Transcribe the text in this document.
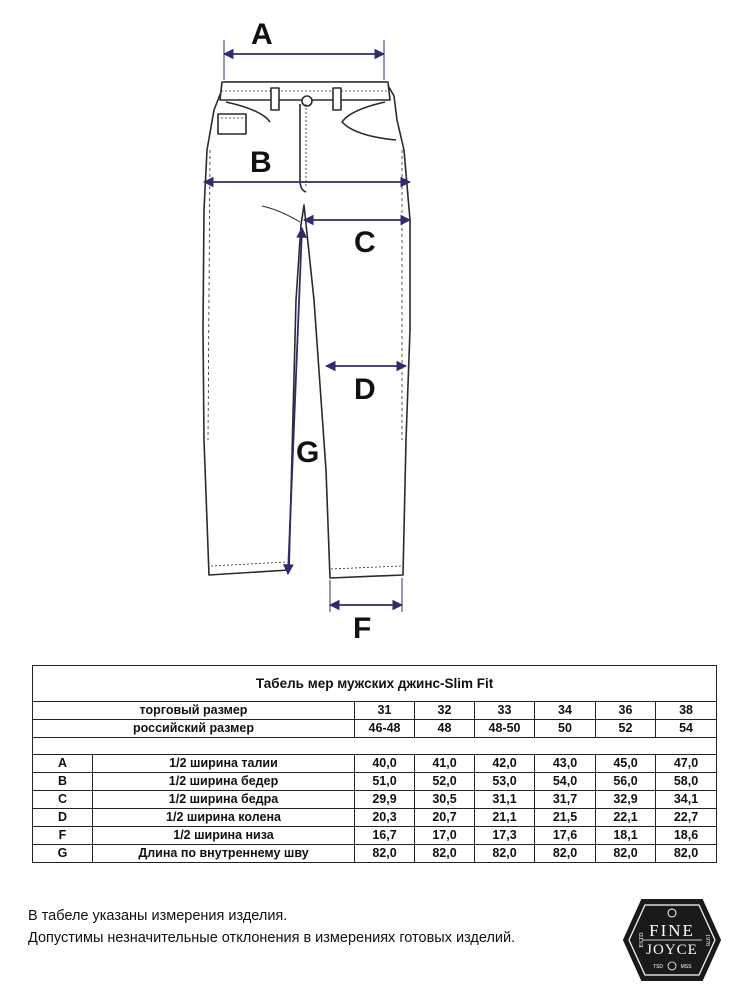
A
B
C
D
G
F
Табель мер мужских джинс-Slim Fit							
торговый размер		31	32	33	34	36	38
российский размер		46-48	48	48-50	50	52	54

A	1/2 ширина талии	40,0	41,0	42,0	43,0	45,0	47,0
B	1/2 ширина бедер	51,0	52,0	53,0	54,0	56,0	58,0
C	1/2 ширина бедра	29,9	30,5	31,1	31,7	32,9	34,1
D	1/2 ширина колена	20,3	20,7	21,1	21,5	22,1	22,7
F	1/2 ширина низа	16,7	17,0	17,3	17,6	18,1	18,6
G	Длина по внутреннему шву	82,0	82,0	82,0	82,0	82,0	82,0
В табеле указаны измерения изделия.
Допустимы незначительные отклонения в измерениях готовых изделий.	FINE
JOYCE
ESTD	1978
TSD	MSS
